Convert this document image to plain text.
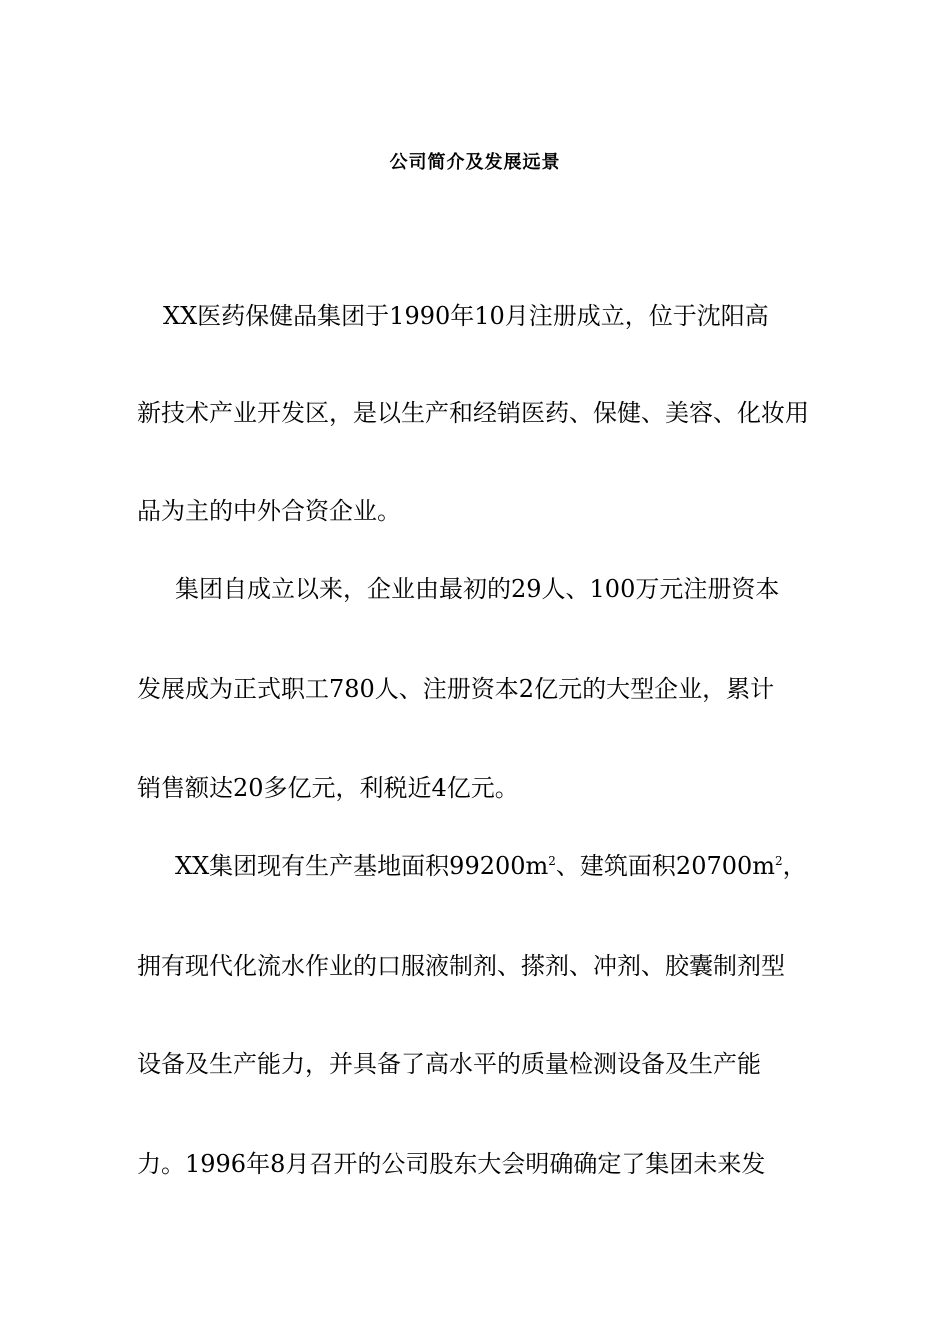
公司简介及发展远景
XX医药保健品集团于1990年10月注册成立，位于沈阳高
新技术产业开发区，是以生产和经销医药、保健、美容、化妆用
品为主的中外合资企业。
集团自成立以来，企业由最初的29人、100万元注册资本
发展成为正式职工780人、注册资本2亿元的大型企业，累计
销售额达20多亿元，利税近4亿元。
XX集团现有生产基地面积$99200m^2$、建筑面积$20700m^2$，
拥有现代化流水作业的口服液制剂、搽剂、冲剂、胶囊制剂型
设备及生产能力，并具备了高水平的质量检测设备及生产能
力。1996年8月召开的公司股东大会明确确定了集团未来发
